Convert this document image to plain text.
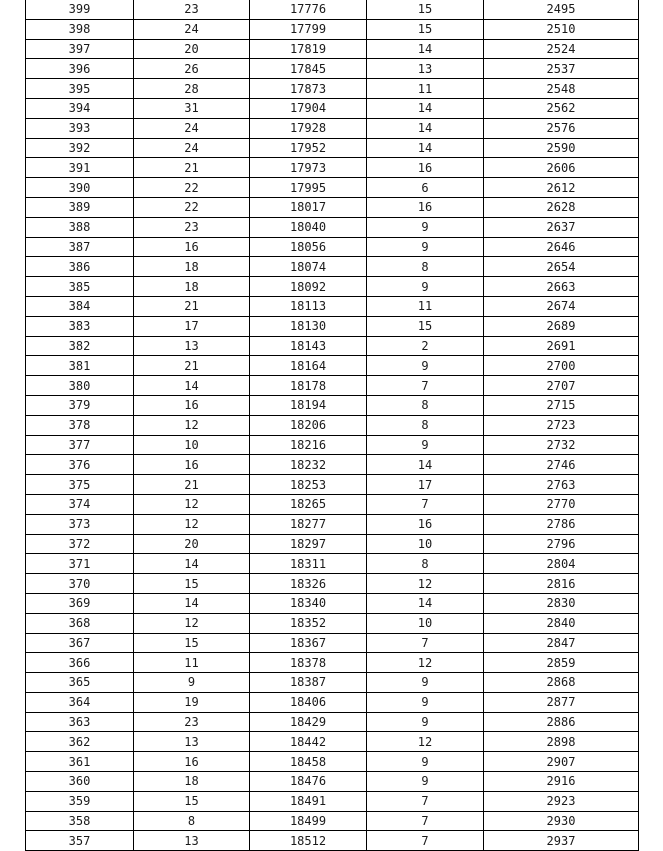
399	23	17776	15	2495
398	24	17799	15	2510
397	20	17819	14	2524
396	26	17845	13	2537
395	28	17873	11	2548
394	31	17904	14	2562
393	24	17928	14	2576
392	24	17952	14	2590
391	21	17973	16	2606
390	22	17995	6	2612
389	22	18017	16	2628
388	23	18040	9	2637
387	16	18056	9	2646
386	18	18074	8	2654
385	18	18092	9	2663
384	21	18113	11	2674
383	17	18130	15	2689
382	13	18143	2	2691
381	21	18164	9	2700
380	14	18178	7	2707
379	16	18194	8	2715
378	12	18206	8	2723
377	10	18216	9	2732
376	16	18232	14	2746
375	21	18253	17	2763
374	12	18265	7	2770
373	12	18277	16	2786
372	20	18297	10	2796
371	14	18311	8	2804
370	15	18326	12	2816
369	14	18340	14	2830
368	12	18352	10	2840
367	15	18367	7	2847
366	11	18378	12	2859
365	9	18387	9	2868
364	19	18406	9	2877
363	23	18429	9	2886
362	13	18442	12	2898
361	16	18458	9	2907
360	18	18476	9	2916
359	15	18491	7	2923
358	8	18499	7	2930
357	13	18512	7	2937
